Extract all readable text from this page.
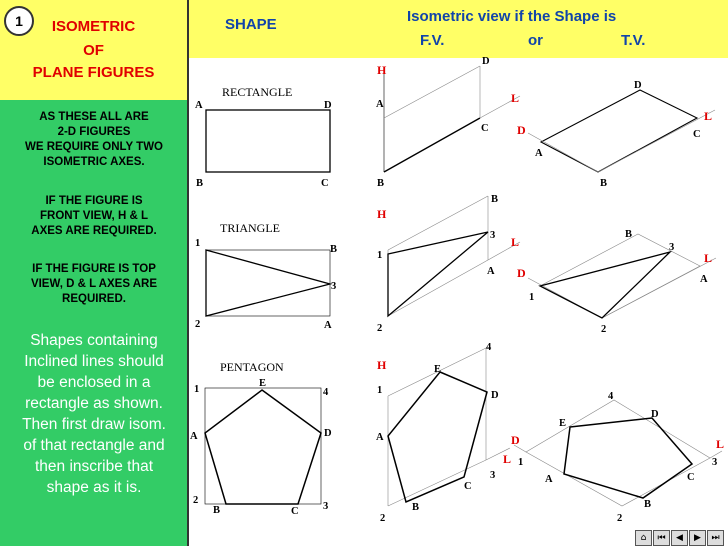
1	ISOMETRIC
OF
PLANE FIGURES
AS THESE ALL ARE
2-D FIGURES
WE REQUIRE ONLY TWO
ISOMETRIC AXES.
IF THE FIGURE IS
FRONT VIEW, H & L
AXES ARE REQUIRED.
IF THE FIGURE IS TOP
VIEW, D & L AXES ARE
REQUIRED.
Shapes containing
Inclined lines should
be enclosed in a
rectangle as shown.
Then first draw isom.
of that rectangle and
then inscribe that
shape as it is.
SHAPE	Isometric view if the Shape is
F.V.	or	T.V.
RECTANGLE
A	D
B	C
H
L
A
D
C
B
D
L
A
D
C
B
TRIANGLE
1
B
3
2	A
H
L
B
3
1
A
2
D
L
B
3
A
1
2
PENTAGON
1
E
4
A	D
2
B	C 3
H
L
4
E
1	D
A
3
C
B
2
D	L
4
D
E
1	3
A	C
B
2
⌂	⏮	◀	▶	⏭
